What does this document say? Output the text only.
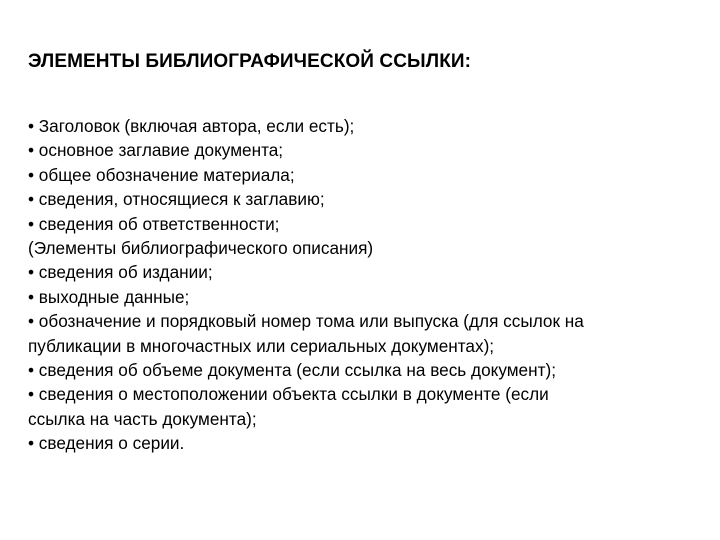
ЭЛЕМЕНТЫ БИБЛИОГРАФИЧЕСКОЙ ССЫЛКИ:
• Заголовок (включая автора, если есть);
• основное заглавие документа;
• общее обозначение материала;
• сведения, относящиеся к заглавию;
• сведения об ответственности;
(Элементы библиографического описания)
• сведения об издании;
• выходные данные;
• обозначение и порядковый номер тома или выпуска (для ссылок на
публикации в многочастных или сериальных документах);
• сведения об объеме документа (если ссылка на весь документ);
• сведения о местоположении объекта ссылки в документе (если
ссылка на часть документа);
• сведения о серии.
